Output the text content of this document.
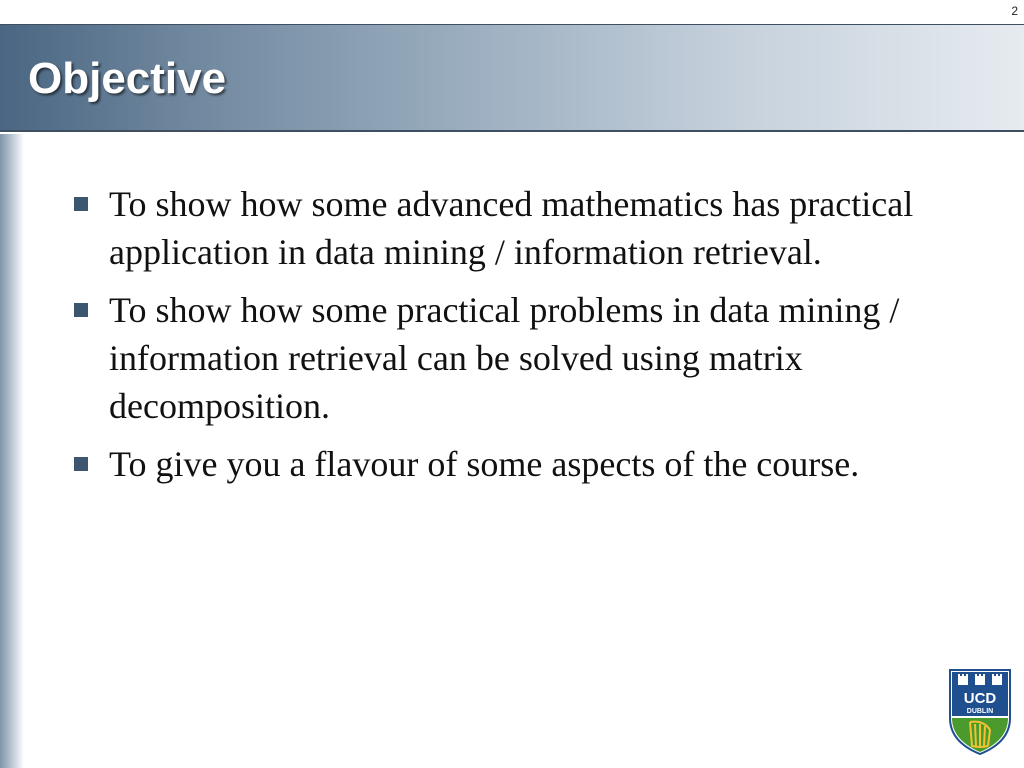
2
Objective
To show how some advanced mathematics has practical application in data mining / information retrieval.
To show how some practical problems in data mining / information retrieval can be solved using matrix decomposition.
To give you a flavour of some aspects of the course.
UCD
DUBLIN
